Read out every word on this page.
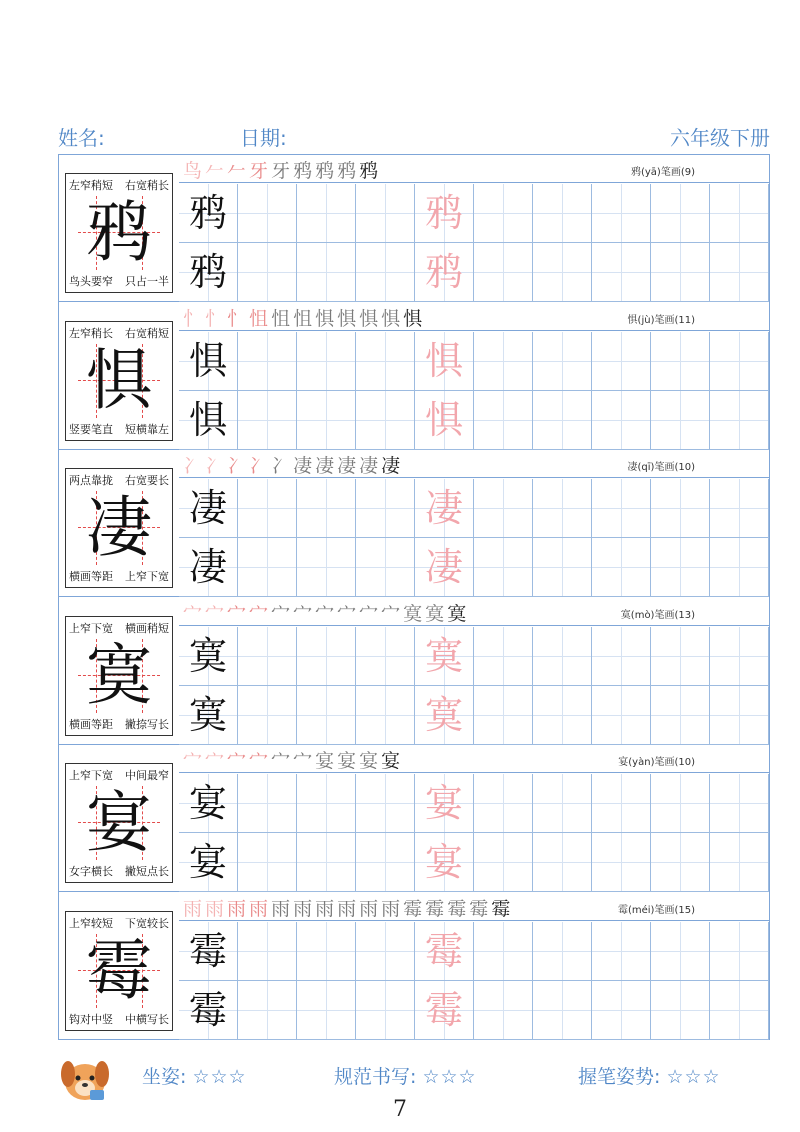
姓名:	日期:	六年级下册
左窄稍短 右宽稍长
鸦
鸟头要窄 只占一半
鸟𠂉𠂉牙牙鸦鸦鸦鸦	鸦(yā)笔画(9)
鸦	鸦
鸦	鸦
左窄稍长 右宽稍短
惧
竖要笔直 短横靠左
忄忄忄怚怚怚惧惧惧惧惧	惧(jù)笔画(11)
惧	惧
惧	惧
两点靠拢 右宽要长
凄
横画等距 上窄下宽
冫冫冫冫冫凄凄凄凄凄	凄(qī)笔画(10)
凄	凄
凄	凄
上窄下宽 横画稍短
寞
横画等距 撇捺写长
宀宀宀宀宀宀宀宀宀宀寞寞寞	寞(mò)笔画(13)
寞	寞
寞	寞
上窄下宽 中间最窄
宴
女字横长 撇短点长
宀宀宀宀宀宀宴宴宴宴	宴(yàn)笔画(10)
宴	宴
宴	宴
上窄较短 下宽较长
霉
钩对中竖 中横写长
雨雨雨雨雨雨雨雨雨雨霉霉霉霉霉	霉(méi)笔画(15)
霉	霉
霉	霉
坐姿: ☆☆☆	规范书写: ☆☆☆	握笔姿势: ☆☆☆
7
